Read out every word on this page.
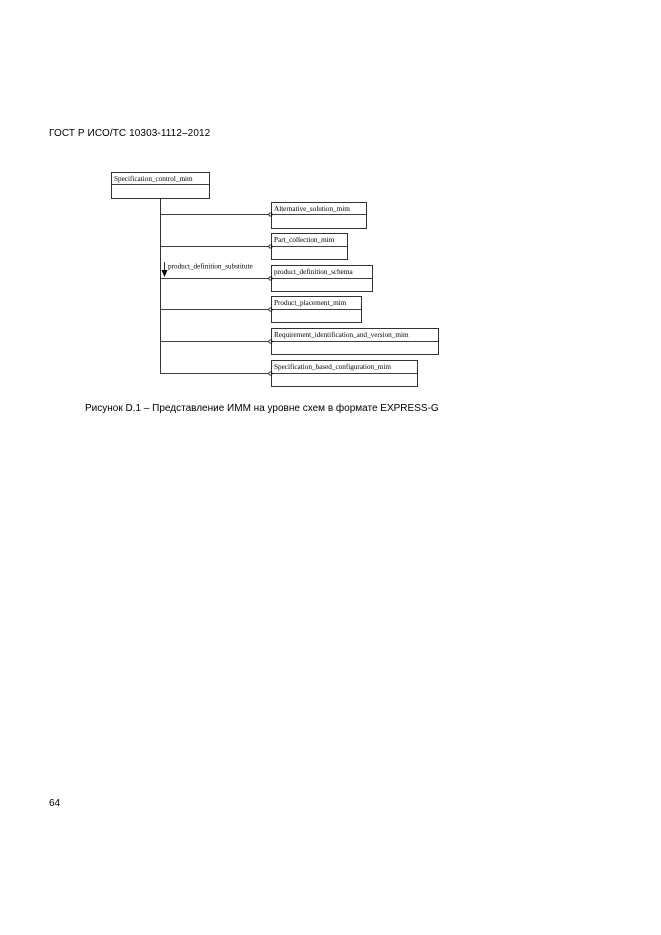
ГОСТ Р ИСО/ТС 10303-1112–2012
Specification_control_mim
product_definition_substitute
Alternative_solution_mim
Part_collection_mim
product_definition_schema
Product_placement_mim
Requirement_identification_and_version_mim
Specification_based_configuration_mim
Рисунок D.1 – Представление ИММ на уровне схем в формате EXPRESS-G
64
